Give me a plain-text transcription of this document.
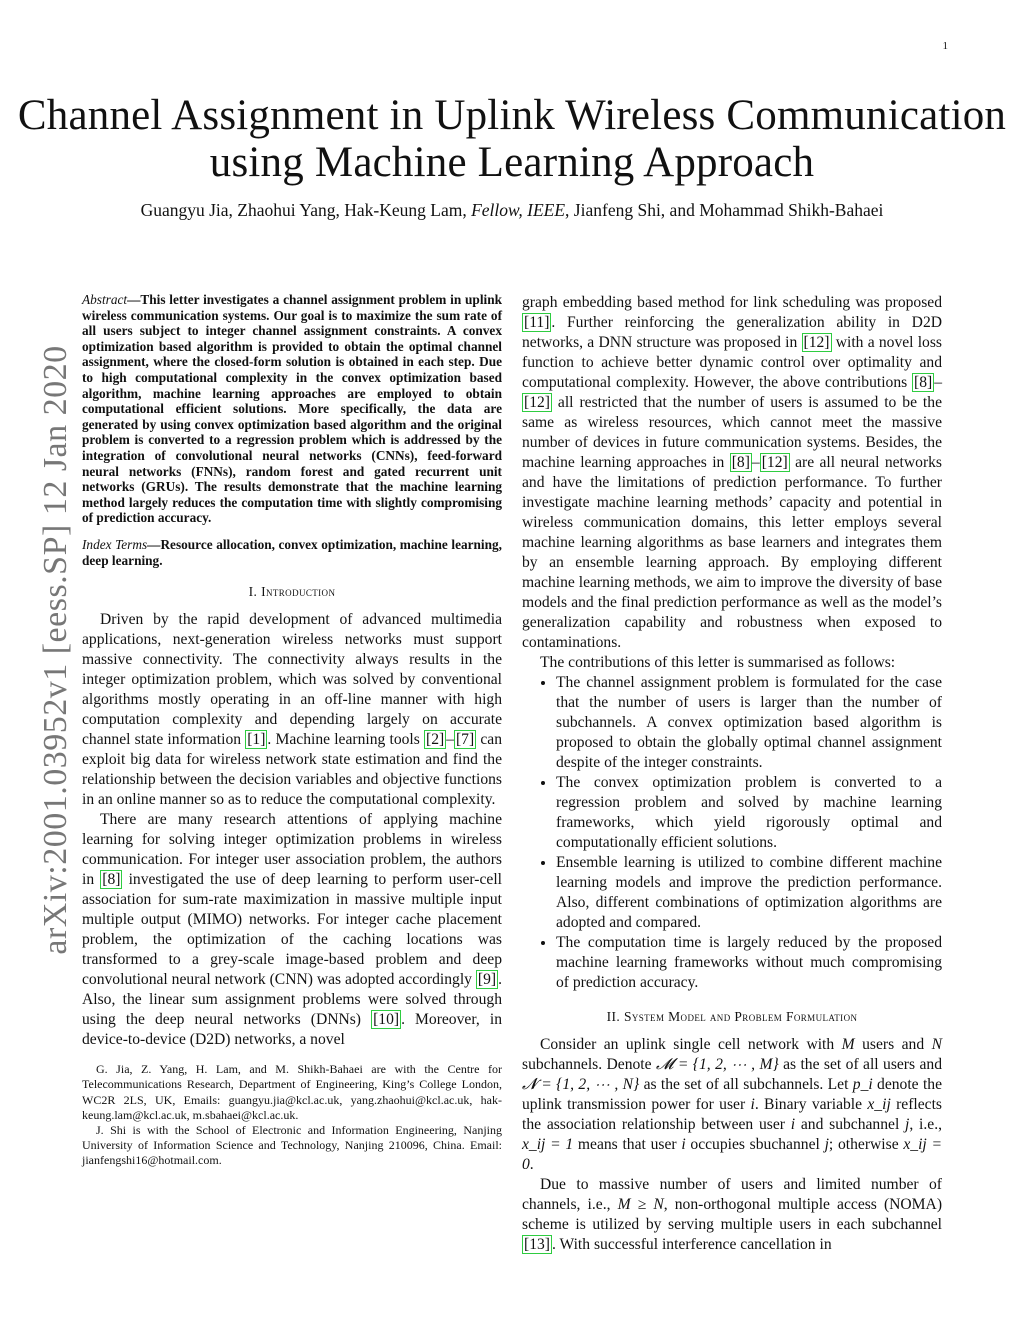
1
arXiv:2001.03952v1 [eess.SP] 12 Jan 2020
Channel Assignment in Uplink Wireless Communication using Machine Learning Approach
Guangyu Jia, Zhaohui Yang, Hak-Keung Lam, Fellow, IEEE, Jianfeng Shi, and Mohammad Shikh-Bahaei
Abstract—This letter investigates a channel assignment problem in uplink wireless communication systems. Our goal is to maximize the sum rate of all users subject to integer channel assignment constraints. A convex optimization based algorithm is provided to obtain the optimal channel assignment, where the closed-form solution is obtained in each step. Due to high computational complexity in the convex optimization based algorithm, machine learning approaches are employed to obtain computational efficient solutions. More specifically, the data are generated by using convex optimization based algorithm and the original problem is converted to a regression problem which is addressed by the integration of convolutional neural networks (CNNs), feed-forward neural networks (FNNs), random forest and gated recurrent unit networks (GRUs). The results demonstrate that the machine learning method largely reduces the computation time with slightly compromising of prediction accuracy.
Index Terms—Resource allocation, convex optimization, machine learning, deep learning.
I. Introduction

Driven by the rapid development of advanced multimedia applications, next-generation wireless networks must support massive connectivity. The connectivity always results in the integer optimization problem, which was solved by conventional algorithms mostly operating in an off-line manner with high computation complexity and depending largely on accurate channel state information [1] . Machine learning tools [2] – [7] can exploit big data for wireless network state estimation and find the relationship between the decision variables and objective functions in an online manner so as to reduce the computational complexity.

There are many research attentions of applying machine learning for solving integer optimization problems in wireless communication. For integer user association problem, the authors in [8] investigated the use of deep learning to perform user-cell association for sum-rate maximization in massive multiple input multiple output (MIMO) networks. For integer cache placement problem, the optimization of the caching locations was transformed to a grey-scale image-based problem and deep convolutional neural network (CNN) was adopted accordingly [9] . Also, the linear sum assignment problems were solved through using the deep neural networks (DNNs) [10] . Moreover, in device-to-device (D2D) networks, a novel

G. Jia, Z. Yang, H. Lam, and M. Shikh-Bahaei are with the Centre for Telecommunications Research, Department of Engineering, King’s College London, WC2R 2LS, UK, Emails: guangyu.jia@kcl.ac.uk, yang.zhaohui@kcl.ac.uk, hak-keung.lam@kcl.ac.uk, m.sbahaei@kcl.ac.uk.

J. Shi is with the School of Electronic and Information Engineering, Nanjing University of Information Science and Technology, Nanjing 210096, China. Email: jianfengshi16@hotmail.com.

graph embedding based method for link scheduling was proposed [11] . Further reinforcing the generalization ability in D2D networks, a DNN structure was proposed in [12] with a novel loss function to achieve better dynamic control over optimality and computational complexity. However, the above contributions [8] –[12] all restricted that the number of users is assumed to be the same as wireless resources, which cannot meet the massive number of devices in future communication systems. Besides, the machine learning approaches in [8] – [12] are all neural networks and have the limitations of prediction performance. To further investigate machine learning methods’ capacity and potential in wireless communication domains, this letter employs several machine learning algorithms as base learners and integrates them by an ensemble learning approach. By employing different machine learning methods, we aim to improve the diversity of base models and the final prediction performance as well as the model’s generalization capability and robustness when exposed to contaminations.

The contributions of this letter is summarised as follows:

• The channel assignment problem is formulated for the case that the number of users is larger than the number of subchannels. A convex optimization based algorithm is proposed to obtain the globally optimal channel assignment despite of the integer constraints.
• The convex optimization problem is converted to a regression problem and solved by machine learning frameworks, which yield rigorously optimal and computationally efficient solutions.
• Ensemble learning is utilized to combine different machine learning models and improve the prediction performance. Also, different combinations of optimization algorithms are adopted and compared.
• The computation time is largely reduced by the proposed machine learning frameworks without much compromising of prediction accuracy.
II. System Model and Problem Formulation

Consider an uplink single cell network with M users and N subchannels. Denote 𝓜 = {1, 2, ⋯ , M} as the set of all users and 𝓝 = {1, 2, ⋯ , N} as the set of all subchannels. Let p_i denote the uplink transmission power for user i. Binary variable x_ij reflects the association relationship between user i and subchannel j, i.e., x_ij = 1 means that user i occupies sbuchannel j; otherwise x_ij = 0.

Due to massive number of users and limited number of channels, i.e., M ≥ N, non-orthogonal multiple access (NOMA) scheme is utilized by serving multiple users in each subchannel [13] . With successful interference cancellation in
